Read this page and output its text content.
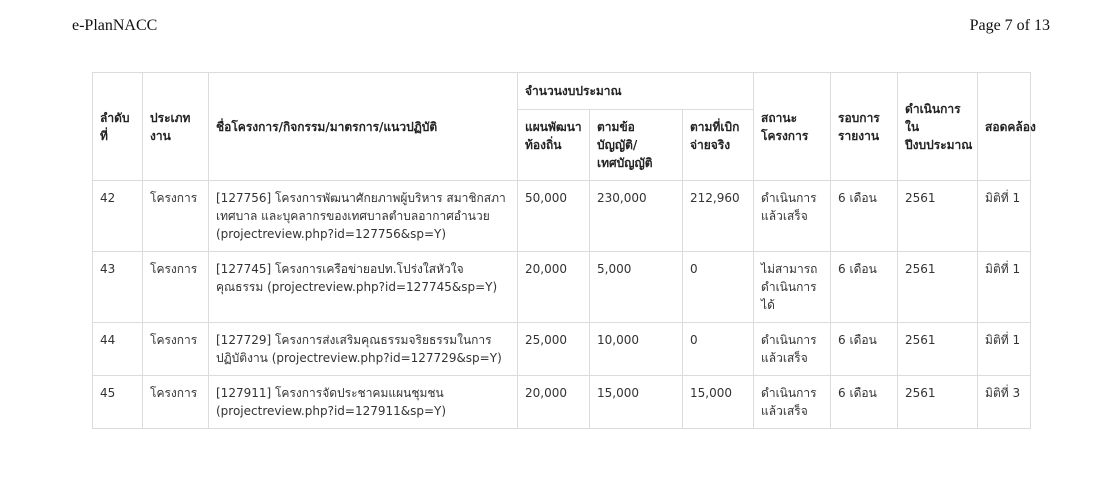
e-PlanNACC	Page 7 of 13
ลำดับที่	ประเภทงาน	ชื่อโครงการ/กิจกรรม/มาตรการ/แนวปฏิบัติ	จำนวนงบประมาณ			สถานะโครงการ	รอบการรายงาน	ดำเนินการในปีงบประมาณ	สอดคล้อง
			แผนพัฒนาท้องถิ่น	ตามข้อบัญญัติ/เทศบัญญัติ	ตามที่เบิกจ่ายจริง				
42	โครงการ	[127756] โครงการพัฒนาศักยภาพผู้บริหาร สมาชิกสภาเทศบาล และบุคลากรของเทศบาลตำบลอากาศอำนวย (projectreview.php?id=127756&sp=Y)	50,000	230,000	212,960	ดำเนินการแล้วเสร็จ	6 เดือน	2561	มิติที่ 1
43	โครงการ	[127745] โครงการเครือข่ายอปท.โปร่งใสหัวใจคุณธรรม (projectreview.php?id=127745&sp=Y)	20,000	5,000	0	ไม่สามารถดำเนินการได้	6 เดือน	2561	มิติที่ 1
44	โครงการ	[127729] โครงการส่งเสริมคุณธรรมจริยธรรมในการปฏิบัติงาน (projectreview.php?id=127729&sp=Y)	25,000	10,000	0	ดำเนินการแล้วเสร็จ	6 เดือน	2561	มิติที่ 1
45	โครงการ	[127911] โครงการจัดประชาคมแผนชุมชน (projectreview.php?id=127911&sp=Y)	20,000	15,000	15,000	ดำเนินการแล้วเสร็จ	6 เดือน	2561	มิติที่ 3
